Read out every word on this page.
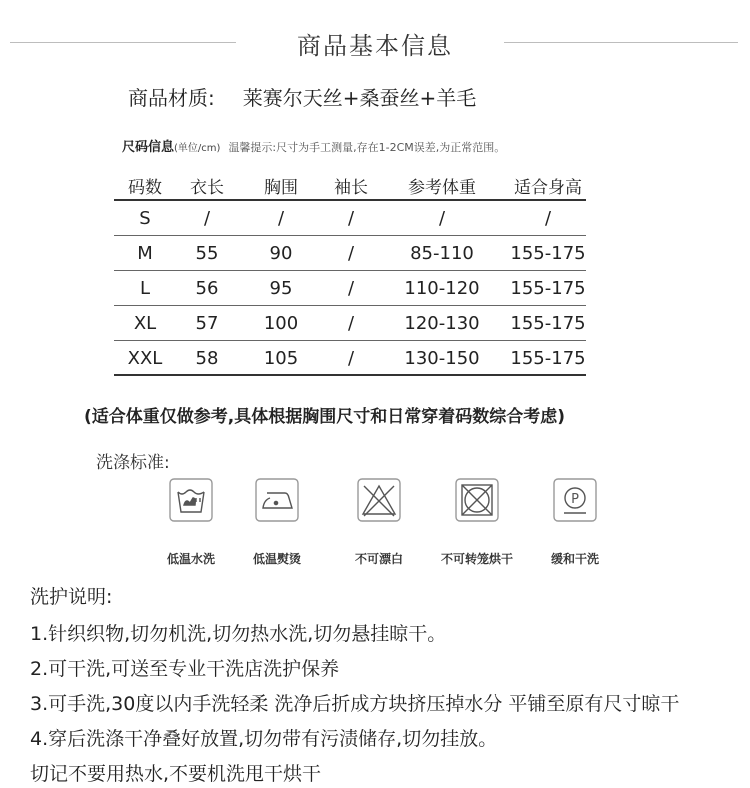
商品基本信息
商品材质: 莱赛尔天丝+桑蚕丝+羊毛
尺码信息(单位/cm) 温馨提示:尺寸为手工测量,存在1-2CM误差,为正常范围。
码数	衣长	胸围	袖长	参考体重	适合身高
S	/	/	/	/	/
M	55	90	/	85-110	155-175
L	56	95	/	110-120	155-175
XL	57	100	/	120-130	155-175
XXL	58	105	/	130-150	155-175
(适合体重仅做参考,具体根据胸围尺寸和日常穿着码数综合考虑)
洗涤标准:
P
低温水洗	低温熨烫	不可漂白	不可转笼烘干	缓和干洗
洗护说明:
1.针织织物,切勿机洗,切勿热水洗,切勿悬挂晾干。
2.可干洗,可送至专业干洗店洗护保养
3.可手洗,30度以内手洗轻柔 洗净后折成方块挤压掉水分 平铺至原有尺寸晾干
4.穿后洗涤干净叠好放置,切勿带有污渍储存,切勿挂放。
切记不要用热水,不要机洗甩干烘干
